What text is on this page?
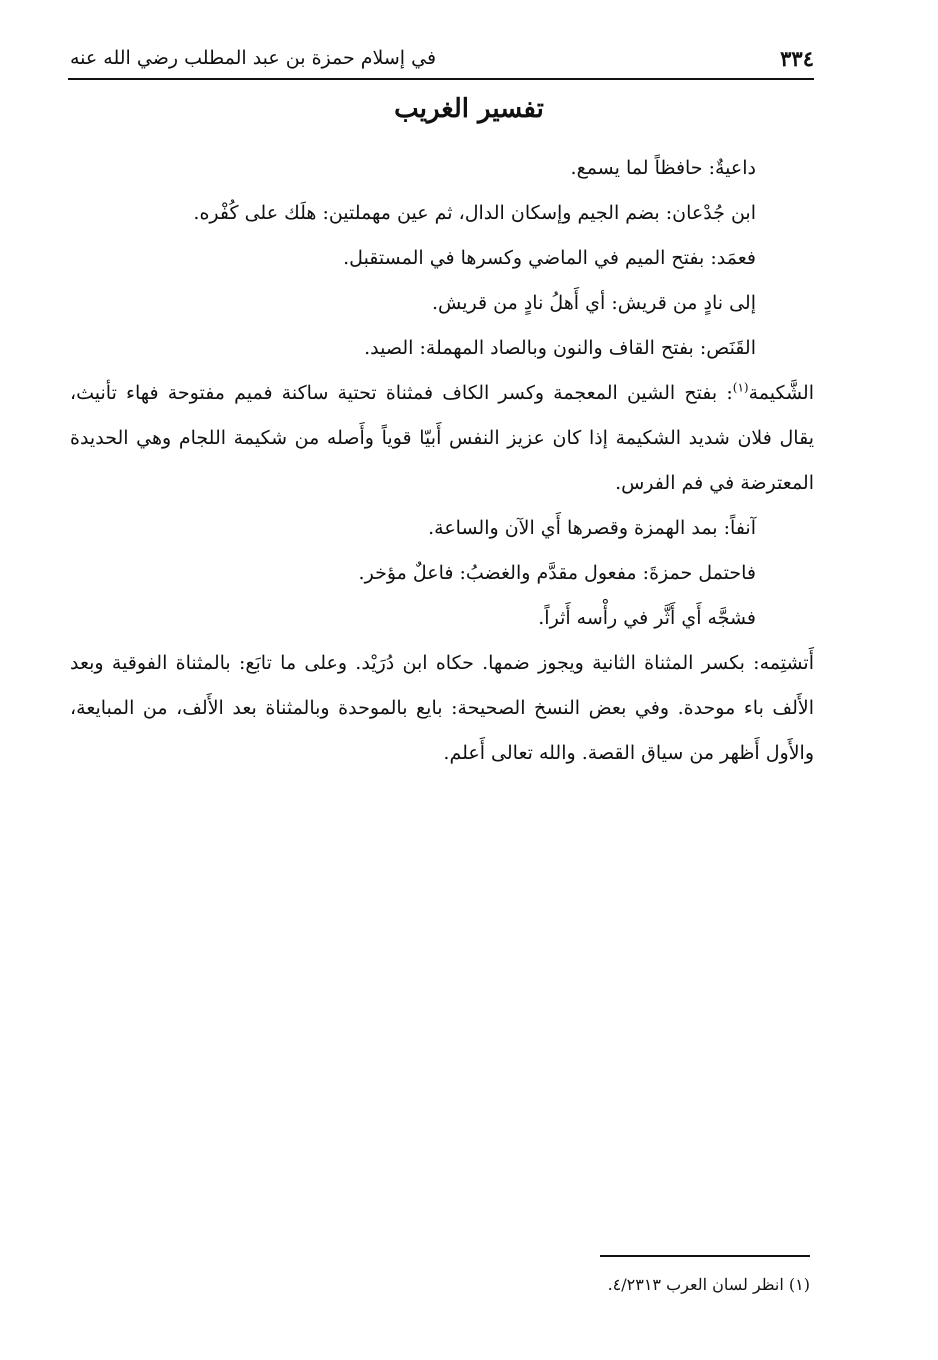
٣٣٤
في إسلام حمزة بن عبد المطلب رضي الله عنه
تفسير الغريب

داعيةٌ: حافظاً لما يسمع.

ابن جُدْعان: بضم الجيم وإسكان الدال، ثم عين مهملتين: هلَك على كُفْره.

فعمَد: بفتح الميم في الماضي وكسرها في المستقبل.

إلى نادٍ من قريش: أي أَهلُ نادٍ من قريش.

القَنَص: بفتح القاف والنون وبالصاد المهملة: الصيد.

الشَّكيمة$^{(١)}$: بفتح الشين المعجمة وكسر الكاف فمثناة تحتية ساكنة فميم مفتوحة فهاء تأنيث، يقال فلان شديد الشكيمة إذا كان عزيز النفس أَبيّا قوياً وأَصله من شكيمة اللجام وهي الحديدة المعترضة في فم الفرس.

آنفاً: بمد الهمزة وقصرها أَي الآن والساعة.

فاحتمل حمزةَ: مفعول مقدَّم والغضبُ: فاعلٌ مؤخر.

فشجَّه أَي أَثَّر في رأْسه أَثراً.

أَتشتِمه: بكسر المثناة الثانية ويجوز ضمها. حكاه ابن دُرَيْد. وعلى ما تابَع: بالمثناة الفوقية وبعد الأَلف باء موحدة. وفي بعض النسخ الصحيحة: بايع بالموحدة وبالمثناة بعد الأَلف، من المبايعة، والأَول أَظهر من سياق القصة. والله تعالى أَعلم.

(١) انظر لسان العرب ٤/٢٣١٣.
